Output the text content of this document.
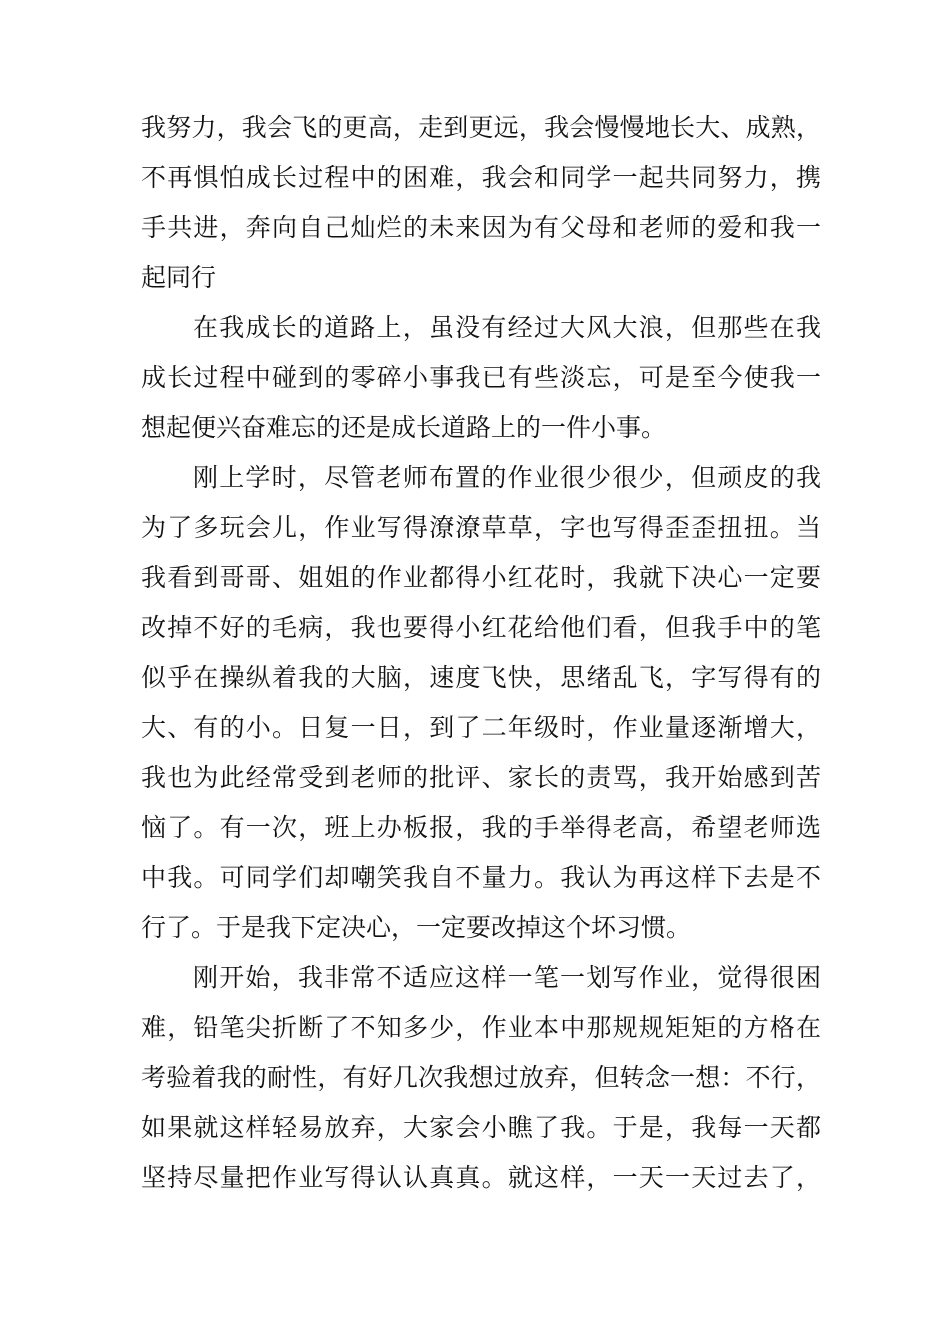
我努力，我会飞的更高，走到更远，我会慢慢地长大、成熟，
不再惧怕成长过程中的困难，我会和同学一起共同努力，携
手共进，奔向自己灿烂的未来因为有父母和老师的爱和我一
起同行
在我成长的道路上，虽没有经过大风大浪，但那些在我
成长过程中碰到的零碎小事我已有些淡忘，可是至今使我一
想起便兴奋难忘的还是成长道路上的一件小事。
刚上学时，尽管老师布置的作业很少很少，但顽皮的我
为了多玩会儿，作业写得潦潦草草，字也写得歪歪扭扭。当
我看到哥哥、姐姐的作业都得小红花时，我就下决心一定要
改掉不好的毛病，我也要得小红花给他们看，但我手中的笔
似乎在操纵着我的大脑，速度飞快，思绪乱飞，字写得有的
大、有的小。日复一日，到了二年级时，作业量逐渐增大，
我也为此经常受到老师的批评、家长的责骂，我开始感到苦
恼了。有一次，班上办板报，我的手举得老高，希望老师选
中我。可同学们却嘲笑我自不量力。我认为再这样下去是不
行了。于是我下定决心，一定要改掉这个坏习惯。
刚开始，我非常不适应这样一笔一划写作业，觉得很困
难，铅笔尖折断了不知多少，作业本中那规规矩矩的方格在
考验着我的耐性，有好几次我想过放弃，但转念一想：不行，
如果就这样轻易放弃，大家会小瞧了我。于是，我每一天都
坚持尽量把作业写得认认真真。就这样，一天一天过去了，
